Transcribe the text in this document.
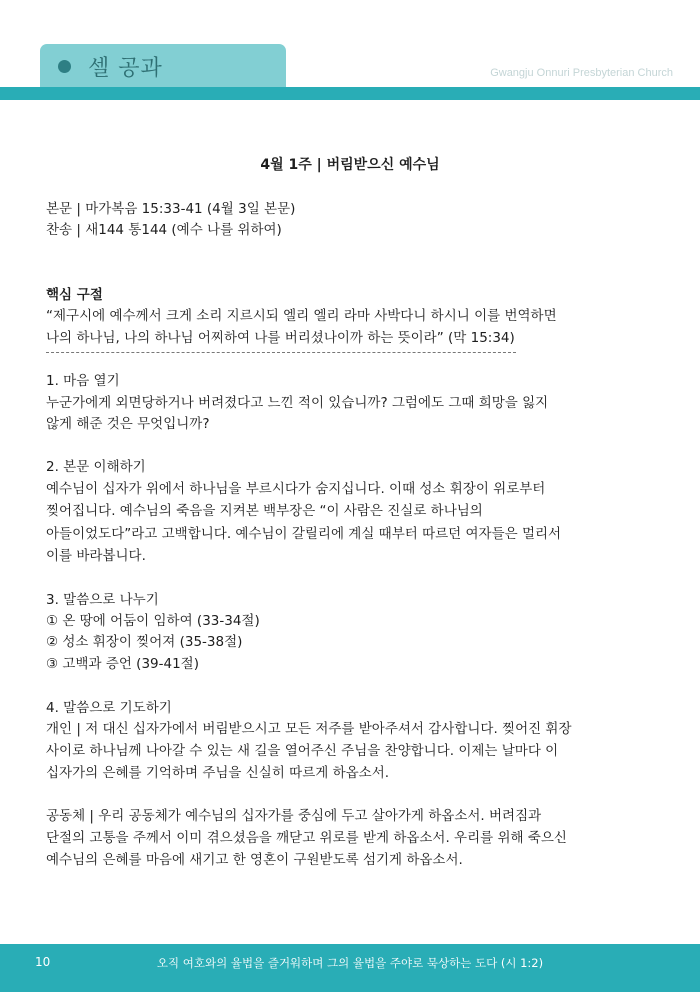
셀 공과	Gwangju Onnuri Presbyterian Church
4월 1주 | 버림받으신 예수님
본문 | 마가복음 15:33-41 (4월 3일 본문)
찬송 | 새144 통144 (예수 나를 위하여)
핵심 구절
“제구시에 예수께서 크게 소리 지르시되 엘리 엘리 라마 사박다니 하시니 이를 번역하면
나의 하나님, 나의 하나님 어찌하여 나를 버리셨나이까 하는 뜻이라” (막 15:34)
1. 마음 열기
누군가에게 외면당하거나 버려졌다고 느낀 적이 있습니까? 그럼에도 그때 희망을 잃지
않게 해준 것은 무엇입니까?
2. 본문 이해하기
예수님이 십자가 위에서 하나님을 부르시다가 숨지십니다. 이때 성소 휘장이 위로부터
찢어집니다. 예수님의 죽음을 지켜본 백부장은 “이 사람은 진실로 하나님의
아들이었도다”라고 고백합니다. 예수님이 갈릴리에 계실 때부터 따르던 여자들은 멀리서
이를 바라봅니다.
3. 말씀으로 나누기
① 온 땅에 어둠이 임하여 (33-34절)
② 성소 휘장이 찢어져 (35-38절)
③ 고백과 증언 (39-41절)
4. 말씀으로 기도하기
개인 | 저 대신 십자가에서 버림받으시고 모든 저주를 받아주셔서 감사합니다. 찢어진 휘장
사이로 하나님께 나아갈 수 있는 새 길을 열어주신 주님을 찬양합니다. 이제는 날마다 이
십자가의 은혜를 기억하며 주님을 신실히 따르게 하옵소서.
공동체 | 우리 공동체가 예수님의 십자가를 중심에 두고 살아가게 하옵소서. 버려짐과
단절의 고통을 주께서 이미 겪으셨음을 깨닫고 위로를 받게 하옵소서. 우리를 위해 죽으신
예수님의 은혜를 마음에 새기고 한 영혼이 구원받도록 섬기게 하옵소서.
10	오직 여호와의 율법을 즐거워하며 그의 율법을 주야로 묵상하는 도다 (시 1:2)
